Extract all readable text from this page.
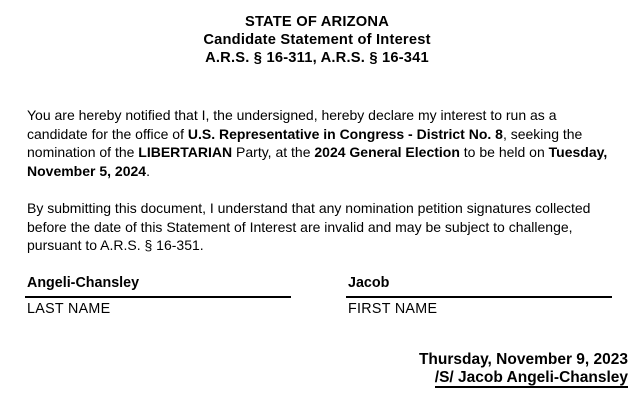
STATE OF ARIZONA
Candidate Statement of Interest
A.R.S. § 16-311, A.R.S. § 16-341
You are hereby notified that I, the undersigned, hereby declare my interest to run as a candidate for the office of U.S. Representative in Congress - District No. 8, seeking the nomination of the LIBERTARIAN Party, at the 2024 General Election to be held on Tuesday, November 5, 2024.
By submitting this document, I understand that any nomination petition signatures collected before the date of this Statement of Interest are invalid and may be subject to challenge, pursuant to A.R.S. § 16-351.
Angeli-Chansley
LAST NAME
Jacob
FIRST NAME
Thursday, November 9, 2023
/S/ Jacob Angeli-Chansley
